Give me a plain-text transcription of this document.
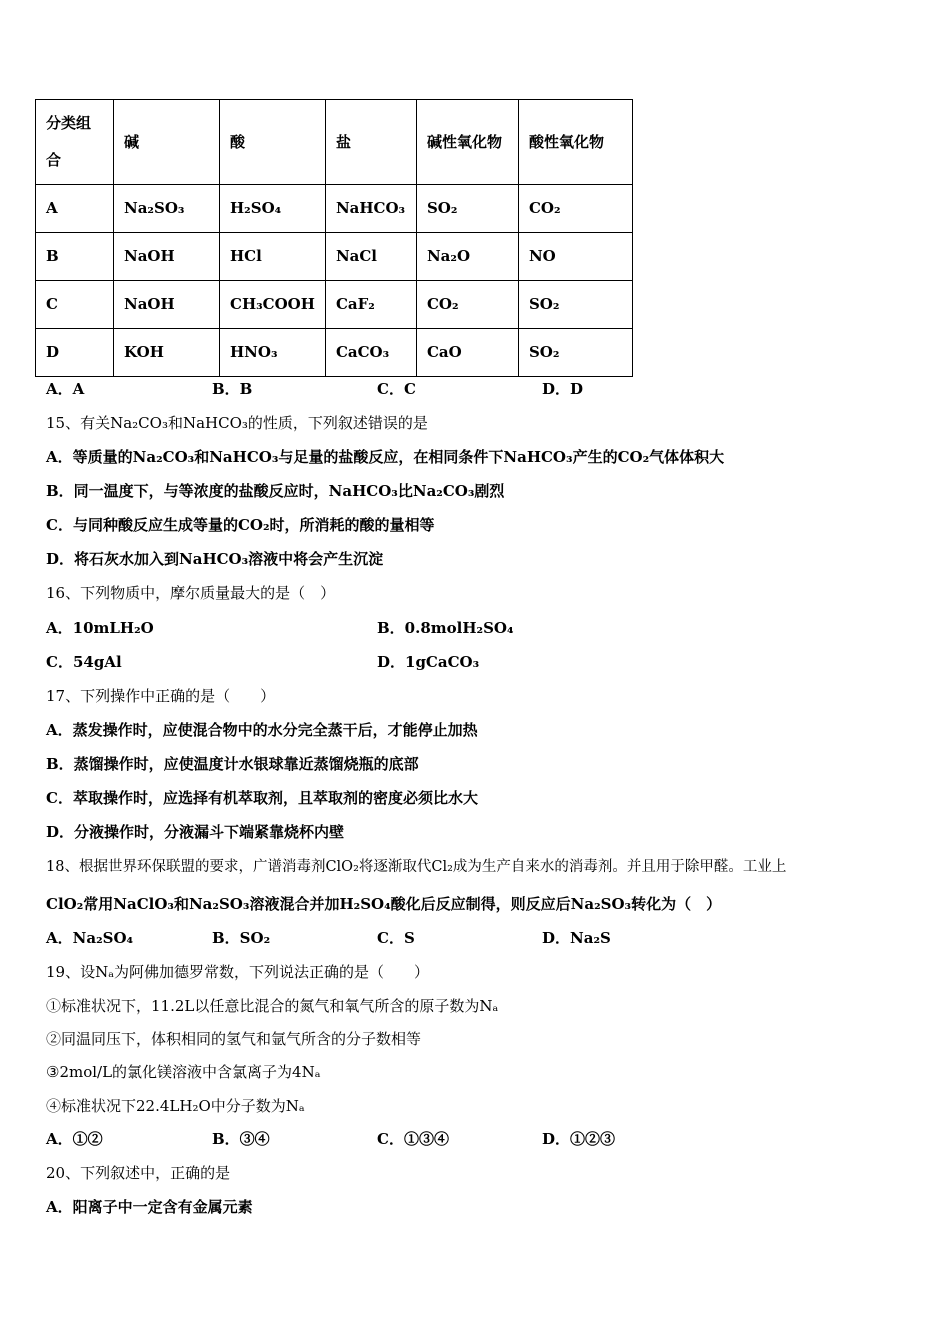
分类组合	碱	酸	盐	碱性氧化物	酸性氧化物
A	Na₂SO₃	H₂SO₄	NaHCO₃	SO₂	CO₂
B	NaOH	HCl	NaCl	Na₂O	NO
C	NaOH	CH₃COOH	CaF₂	CO₂	SO₂
D	KOH	HNO₃	CaCO₃	CaO	SO₂
A．A	B．B	C．C	D．D
15、有关Na₂CO₃和NaHCO₃的性质，下列叙述错误的是
A．等质量的Na₂CO₃和NaHCO₃与足量的盐酸反应，在相同条件下NaHCO₃产生的CO₂气体体积大
B．同一温度下，与等浓度的盐酸反应时，NaHCO₃比Na₂CO₃剧烈
C．与同种酸反应生成等量的CO₂时，所消耗的酸的量相等
D．将石灰水加入到NaHCO₃溶液中将会产生沉淀
16、下列物质中，摩尔质量最大的是（　）
A．10mLH₂O	B．0.8molH₂SO₄
C．54gAl	D．1gCaCO₃
17、下列操作中正确的是（　　）
A．蒸发操作时，应使混合物中的水分完全蒸干后，才能停止加热
B．蒸馏操作时，应使温度计水银球靠近蒸馏烧瓶的底部
C．萃取操作时，应选择有机萃取剂，且萃取剂的密度必须比水大
D．分液操作时，分液漏斗下端紧靠烧杯内壁
18、根据世界环保联盟的要求，广谱消毒剂ClO₂将逐渐取代Cl₂成为生产自来水的消毒剂。并且用于除甲醛。工业上
ClO₂常用NaClO₃和Na₂SO₃溶液混合并加H₂SO₄酸化后反应制得，则反应后Na₂SO₃转化为（　）
A．Na₂SO₄	B．SO₂	C．S	D．Na₂S
19、设Nₐ为阿佛加德罗常数，下列说法正确的是（　　）
①标准状况下，11.2L以任意比混合的氮气和氧气所含的原子数为Nₐ
②同温同压下，体积相同的氢气和氩气所含的分子数相等
③2mol/L的氯化镁溶液中含氯离子为4Nₐ
④标准状况下22.4LH₂O中分子数为Nₐ
A．①②	B．③④	C．①③④	D．①②③
20、下列叙述中，正确的是
A．阳离子中一定含有金属元素
